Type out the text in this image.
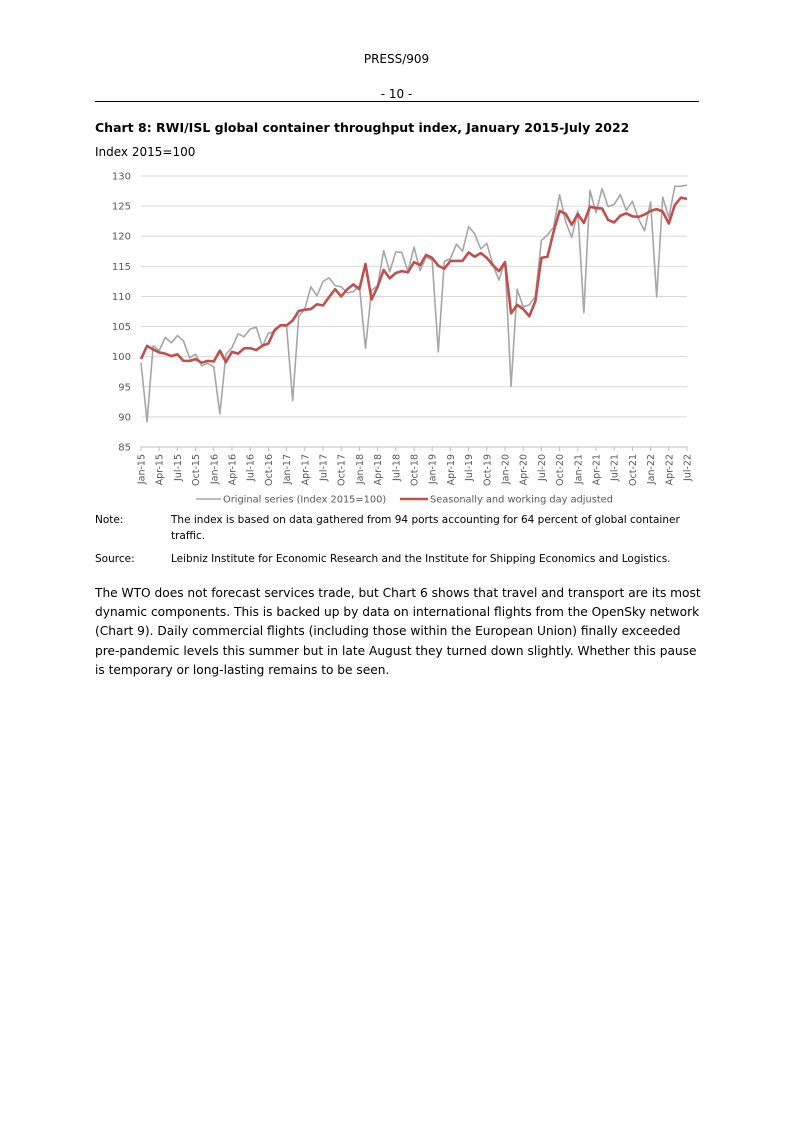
PRESS/909
- 10 -
Chart 8: RWI/ISL global container throughput index, January 2015-July 2022
Index 2015=100
85
90
95
100
105
110
115
120
125
130
Jan-15 Apr-15 Jul-15 Oct-15 Jan-16 Apr-16 Jul-16 Oct-16 Jan-17 Apr-17 Jul-17 Oct-17 Jan-18 Apr-18 Jul-18 Oct-18 Jan-19 Apr-19 Jul-19 Oct-19 Jan-20 Apr-20 Jul-20 Oct-20 Jan-21 Apr-21 Jul-21 Oct-21 Jan-22 Apr-22 Jul-22
Original series (Index 2015=100)	Seasonally and working day adjusted
Note:	The index is based on data gathered from 94 ports accounting for 64 percent of global container traffic.
Source:	Leibniz Institute for Economic Research and the Institute for Shipping Economics and Logistics.
The WTO does not forecast services trade, but Chart 6 shows that travel and transport are its most dynamic components. This is backed up by data on international flights from the OpenSky network (Chart 9). Daily commercial flights (including those within the European Union) finally exceeded pre-pandemic levels this summer but in late August they turned down slightly. Whether this pause is temporary or long-lasting remains to be seen.
